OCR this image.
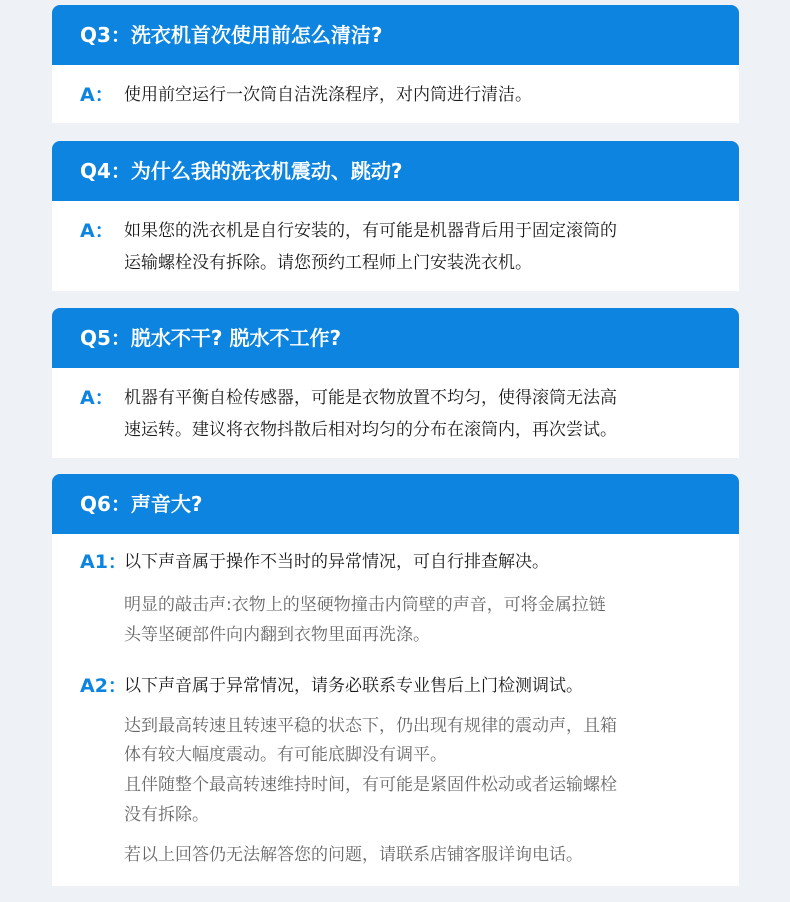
Q3：洗衣机首次使用前怎么清洁?
A： 使用前空运行一次筒自洁洗涤程序，对内筒进行清洁。
Q4：为什么我的洗衣机震动、跳动?
A： 如果您的洗衣机是自行安装的，有可能是机器背后用于固定滚筒的
运输螺栓没有拆除。请您预约工程师上门安装洗衣机。
Q5：脱水不干? 脱水不工作?
A： 机器有平衡自检传感器，可能是衣物放置不均匀，使得滚筒无法高
速运转。建议将衣物抖散后相对均匀的分布在滚筒内，再次尝试。
Q6：声音大?
A1：
以下声音属于操作不当时的异常情况，可自行排查解决。
明显的敲击声:衣物上的坚硬物撞击内筒壁的声音，可将金属拉链
头等坚硬部件向内翻到衣物里面再洗涤。
A2：
以下声音属于异常情况，请务必联系专业售后上门检测调试。
达到最高转速且转速平稳的状态下，仍出现有规律的震动声，且箱
体有较大幅度震动。有可能底脚没有调平。
且伴随整个最高转速维持时间，有可能是紧固件松动或者运输螺栓
没有拆除。
若以上回答仍无法解答您的问题，请联系店铺客服详询电话。
